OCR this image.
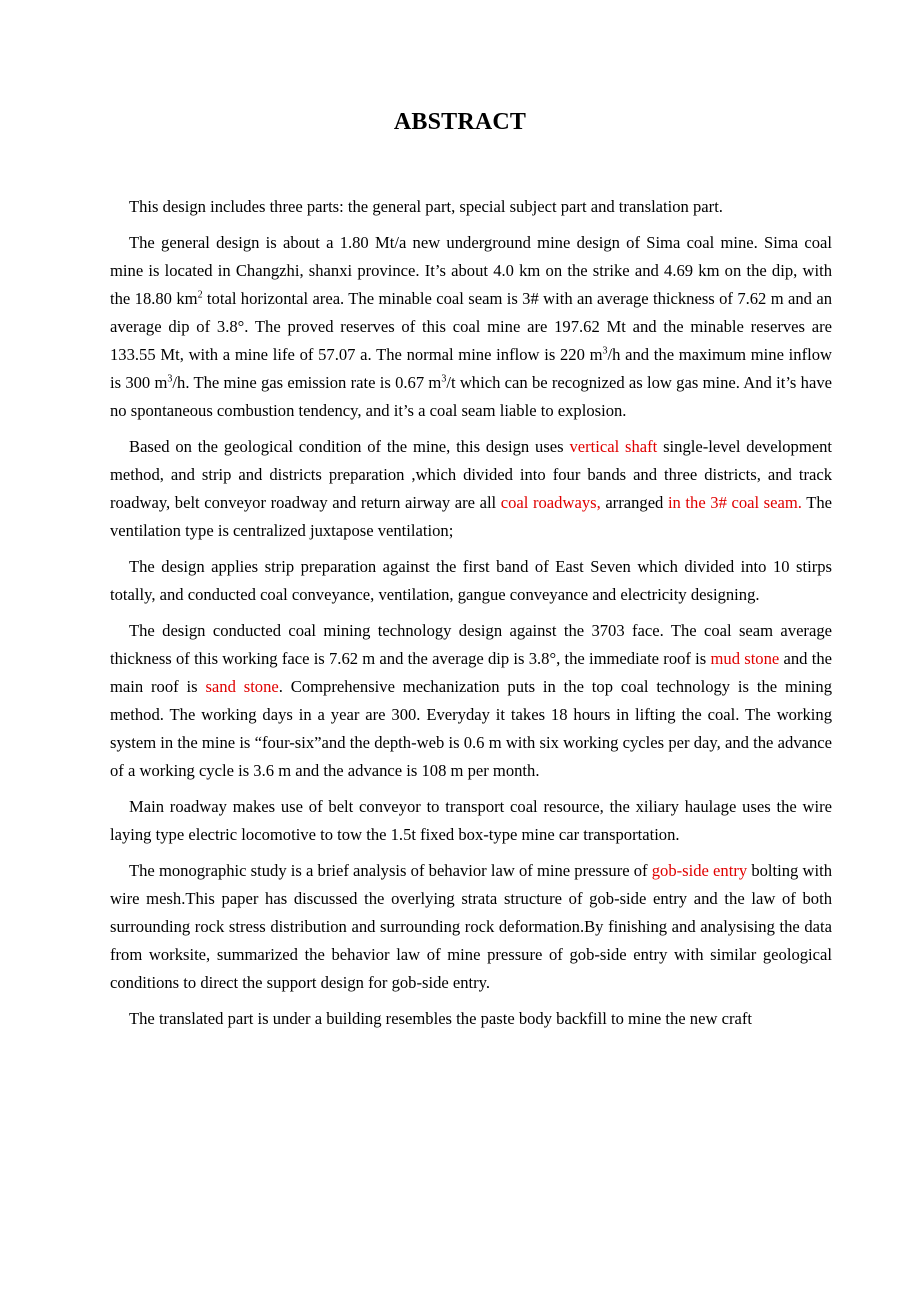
ABSTRACT

This design includes three parts: the general part, special subject part and translation part.

The general design is about a 1.80 Mt/a new underground mine design of Sima coal mine. Sima coal mine is located in Changzhi, shanxi province. It’s about 4.0 km on the strike and 4.69 km on the dip, with the 18.80 $km^2$ total horizontal area. The minable coal seam is 3# with an average thickness of 7.62 m and an average dip of 3.8°. The proved reserves of this coal mine are 197.62 Mt and the minable reserves are 133.55 Mt, with a mine life of 57.07 a. The normal mine inflow is 220 $m^3/h$ and the maximum mine inflow is 300 $m^3/h$. The mine gas emission rate is 0.67 $m^3/t$ which can be recognized as low gas mine. And it’s have no spontaneous combustion tendency, and it’s a coal seam liable to explosion.

Based on the geological condition of the mine, this design uses vertical shaft single-level development method, and strip and districts preparation ,which divided into four bands and three districts, and track roadway, belt conveyor roadway and return airway are all coal roadways, arranged in the 3# coal seam. The ventilation type is centralized juxtapose ventilation;

The design applies strip preparation against the first band of East Seven which divided into 10 stirps totally, and conducted coal conveyance, ventilation, gangue conveyance and electricity designing.

The design conducted coal mining technology design against the 3703 face. The coal seam average thickness of this working face is 7.62 m and the average dip is 3.8°, the immediate roof is mud stone and the main roof is sand stone. Comprehensive mechanization puts in the top coal technology is the mining method. The working days in a year are 300. Everyday it takes 18 hours in lifting the coal. The working system in the mine is “four-six”and the depth-web is 0.6 m with six working cycles per day, and the advance of a working cycle is 3.6 m and the advance is 108 m per month.

Main roadway makes use of belt conveyor to transport coal resource, the xiliary haulage uses the wire laying type electric locomotive to tow the 1.5t fixed box-type mine car transportation.

The monographic study is a brief analysis of behavior law of mine pressure of gob-side entry bolting with wire mesh.This paper has discussed the overlying strata structure of gob-side entry and the law of both surrounding rock stress distribution and surrounding rock deformation.By finishing and analysising the data from worksite, summarized the behavior law of mine pressure of gob-side entry with similar geological conditions to direct the support design for gob-side entry.

The translated part is under a building resembles the paste body backfill to mine the new craft
